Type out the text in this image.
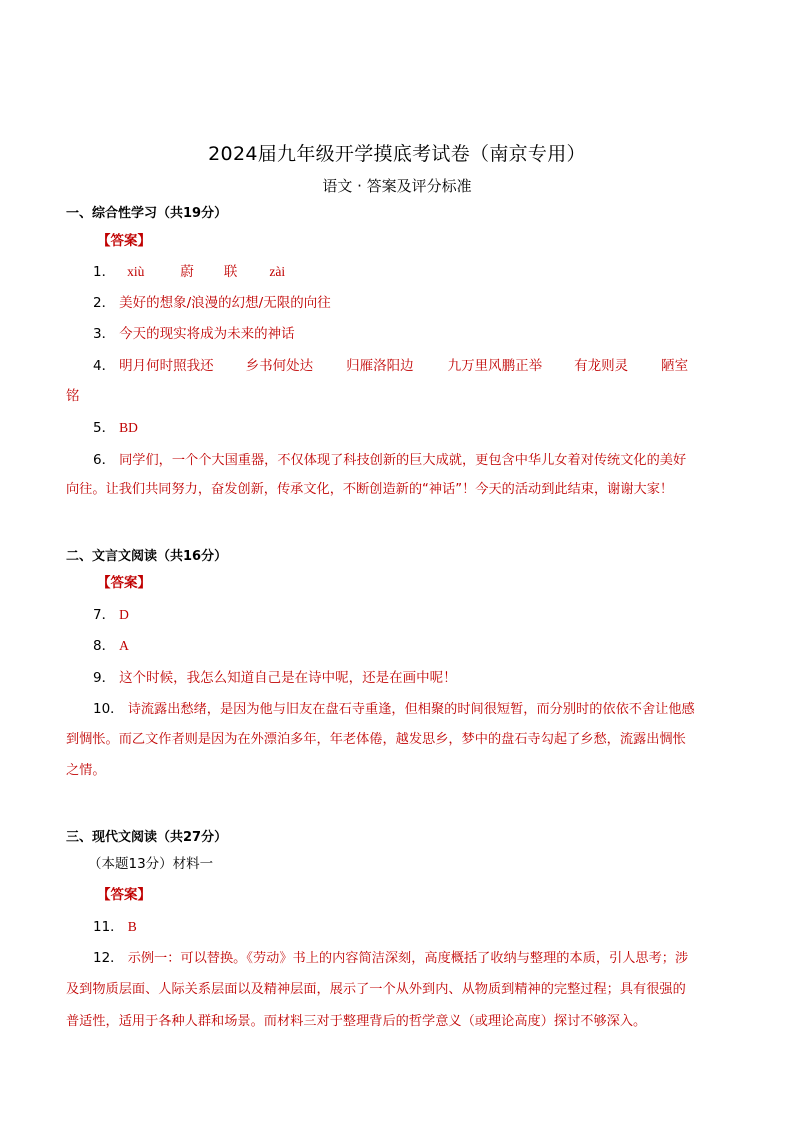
2024届九年级开学摸底考试卷（南京专用）
语文 · 答案及评分标准
一、综合性学习（共19分）
【答案】
1． xiù	蔚 联 zài
2． 美好的想象/浪漫的幻想/无限的向往
3． 今天的现实将成为未来的神话
4． 明月何时照我还 乡书何处达 归雁洛阳边	九万里风鹏正举 有龙则灵 陋室
铭
5． BD
6． 同学们，一个个大国重器，不仅体现了科技创新的巨大成就，更包含中华儿女着对传统文化的美好
向往。让我们共同努力，奋发创新，传承文化，不断创造新的“神话”！今天的活动到此结束，谢谢大家！
二、文言文阅读（共16分）
【答案】
7． D
8． A
9． 这个时候，我怎么知道自己是在诗中呢，还是在画中呢！
10． 诗流露出愁绪，是因为他与旧友在盘石寺重逢，但相聚的时间很短暂，而分别时的依依不舍让他感
到惆怅。而乙文作者则是因为在外漂泊多年，年老体倦，越发思乡，梦中的盘石寺勾起了乡愁，流露出惆怅
之情。
三、现代文阅读（共27分）
（本题13分）材料一
【答案】
11． B
12． 示例一：可以替换。《劳动》书上的内容简洁深刻，高度概括了收纳与整理的本质，引人思考；涉
及到物质层面、人际关系层面以及精神层面，展示了一个从外到内、从物质到精神的完整过程；具有很强的
普适性，适用于各种人群和场景。而材料三对于整理背后的哲学意义（或理论高度）探讨不够深入。
